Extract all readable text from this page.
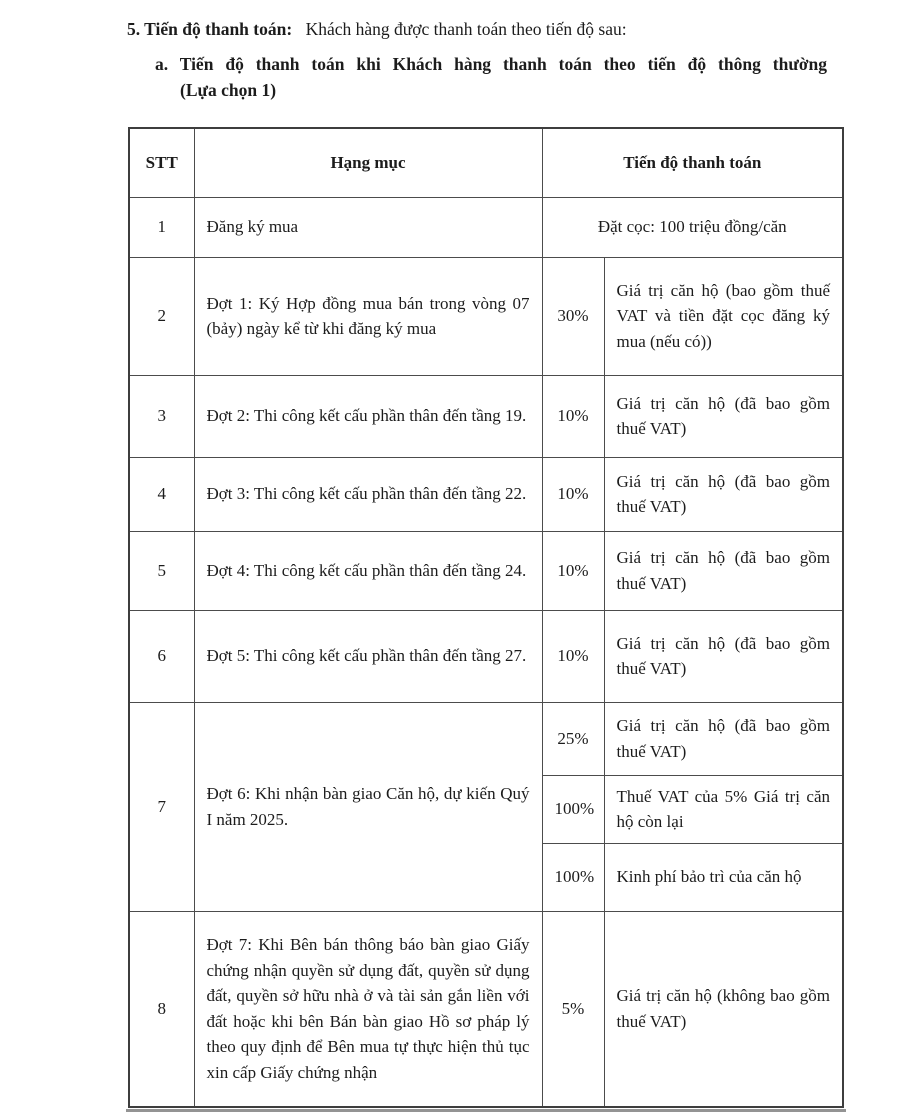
5. Tiến độ thanh toán: Khách hàng được thanh toán theo tiến độ sau:

a. Tiến độ thanh toán khi Khách hàng thanh toán theo tiến độ thông thường
(Lựa chọn 1)
STT	Hạng mục	Tiến độ thanh toán	
1	Đăng ký mua	Đặt cọc: 100 triệu đồng/căn	
2	Đợt 1: Ký Hợp đồng mua bán trong vòng 07 (bảy) ngày kể từ khi đăng ký mua	30%	Giá trị căn hộ (bao gồm thuế VAT và tiền đặt cọc đăng ký mua (nếu có))
3	Đợt 2: Thi công kết cấu phần thân đến tầng 19.	10%	Giá trị căn hộ (đã bao gồm thuế VAT)
4	Đợt 3: Thi công kết cấu phần thân đến tầng 22.	10%	Giá trị căn hộ (đã bao gồm thuế VAT)
5	Đợt 4: Thi công kết cấu phần thân đến tầng 24.	10%	Giá trị căn hộ (đã bao gồm thuế VAT)
6	Đợt 5: Thi công kết cấu phần thân đến tầng 27.	10%	Giá trị căn hộ (đã bao gồm thuế VAT)
7	Đợt 6: Khi nhận bàn giao Căn hộ, dự kiến Quý I năm 2025.	25%	Giá trị căn hộ (đã bao gồm thuế VAT)
		100%	Thuế VAT của 5% Giá trị căn hộ còn lại
		100%	Kinh phí bảo trì của căn hộ
8	Đợt 7: Khi Bên bán thông báo bàn giao Giấy chứng nhận quyền sử dụng đất, quyền sử dụng đất, quyền sở hữu nhà ở và tài sản gắn liền với đất hoặc khi bên Bán bàn giao Hồ sơ pháp lý theo quy định để Bên mua tự thực hiện thủ tục xin cấp Giấy chứng nhận	5%	Giá trị căn hộ (không bao gồm thuế VAT)
